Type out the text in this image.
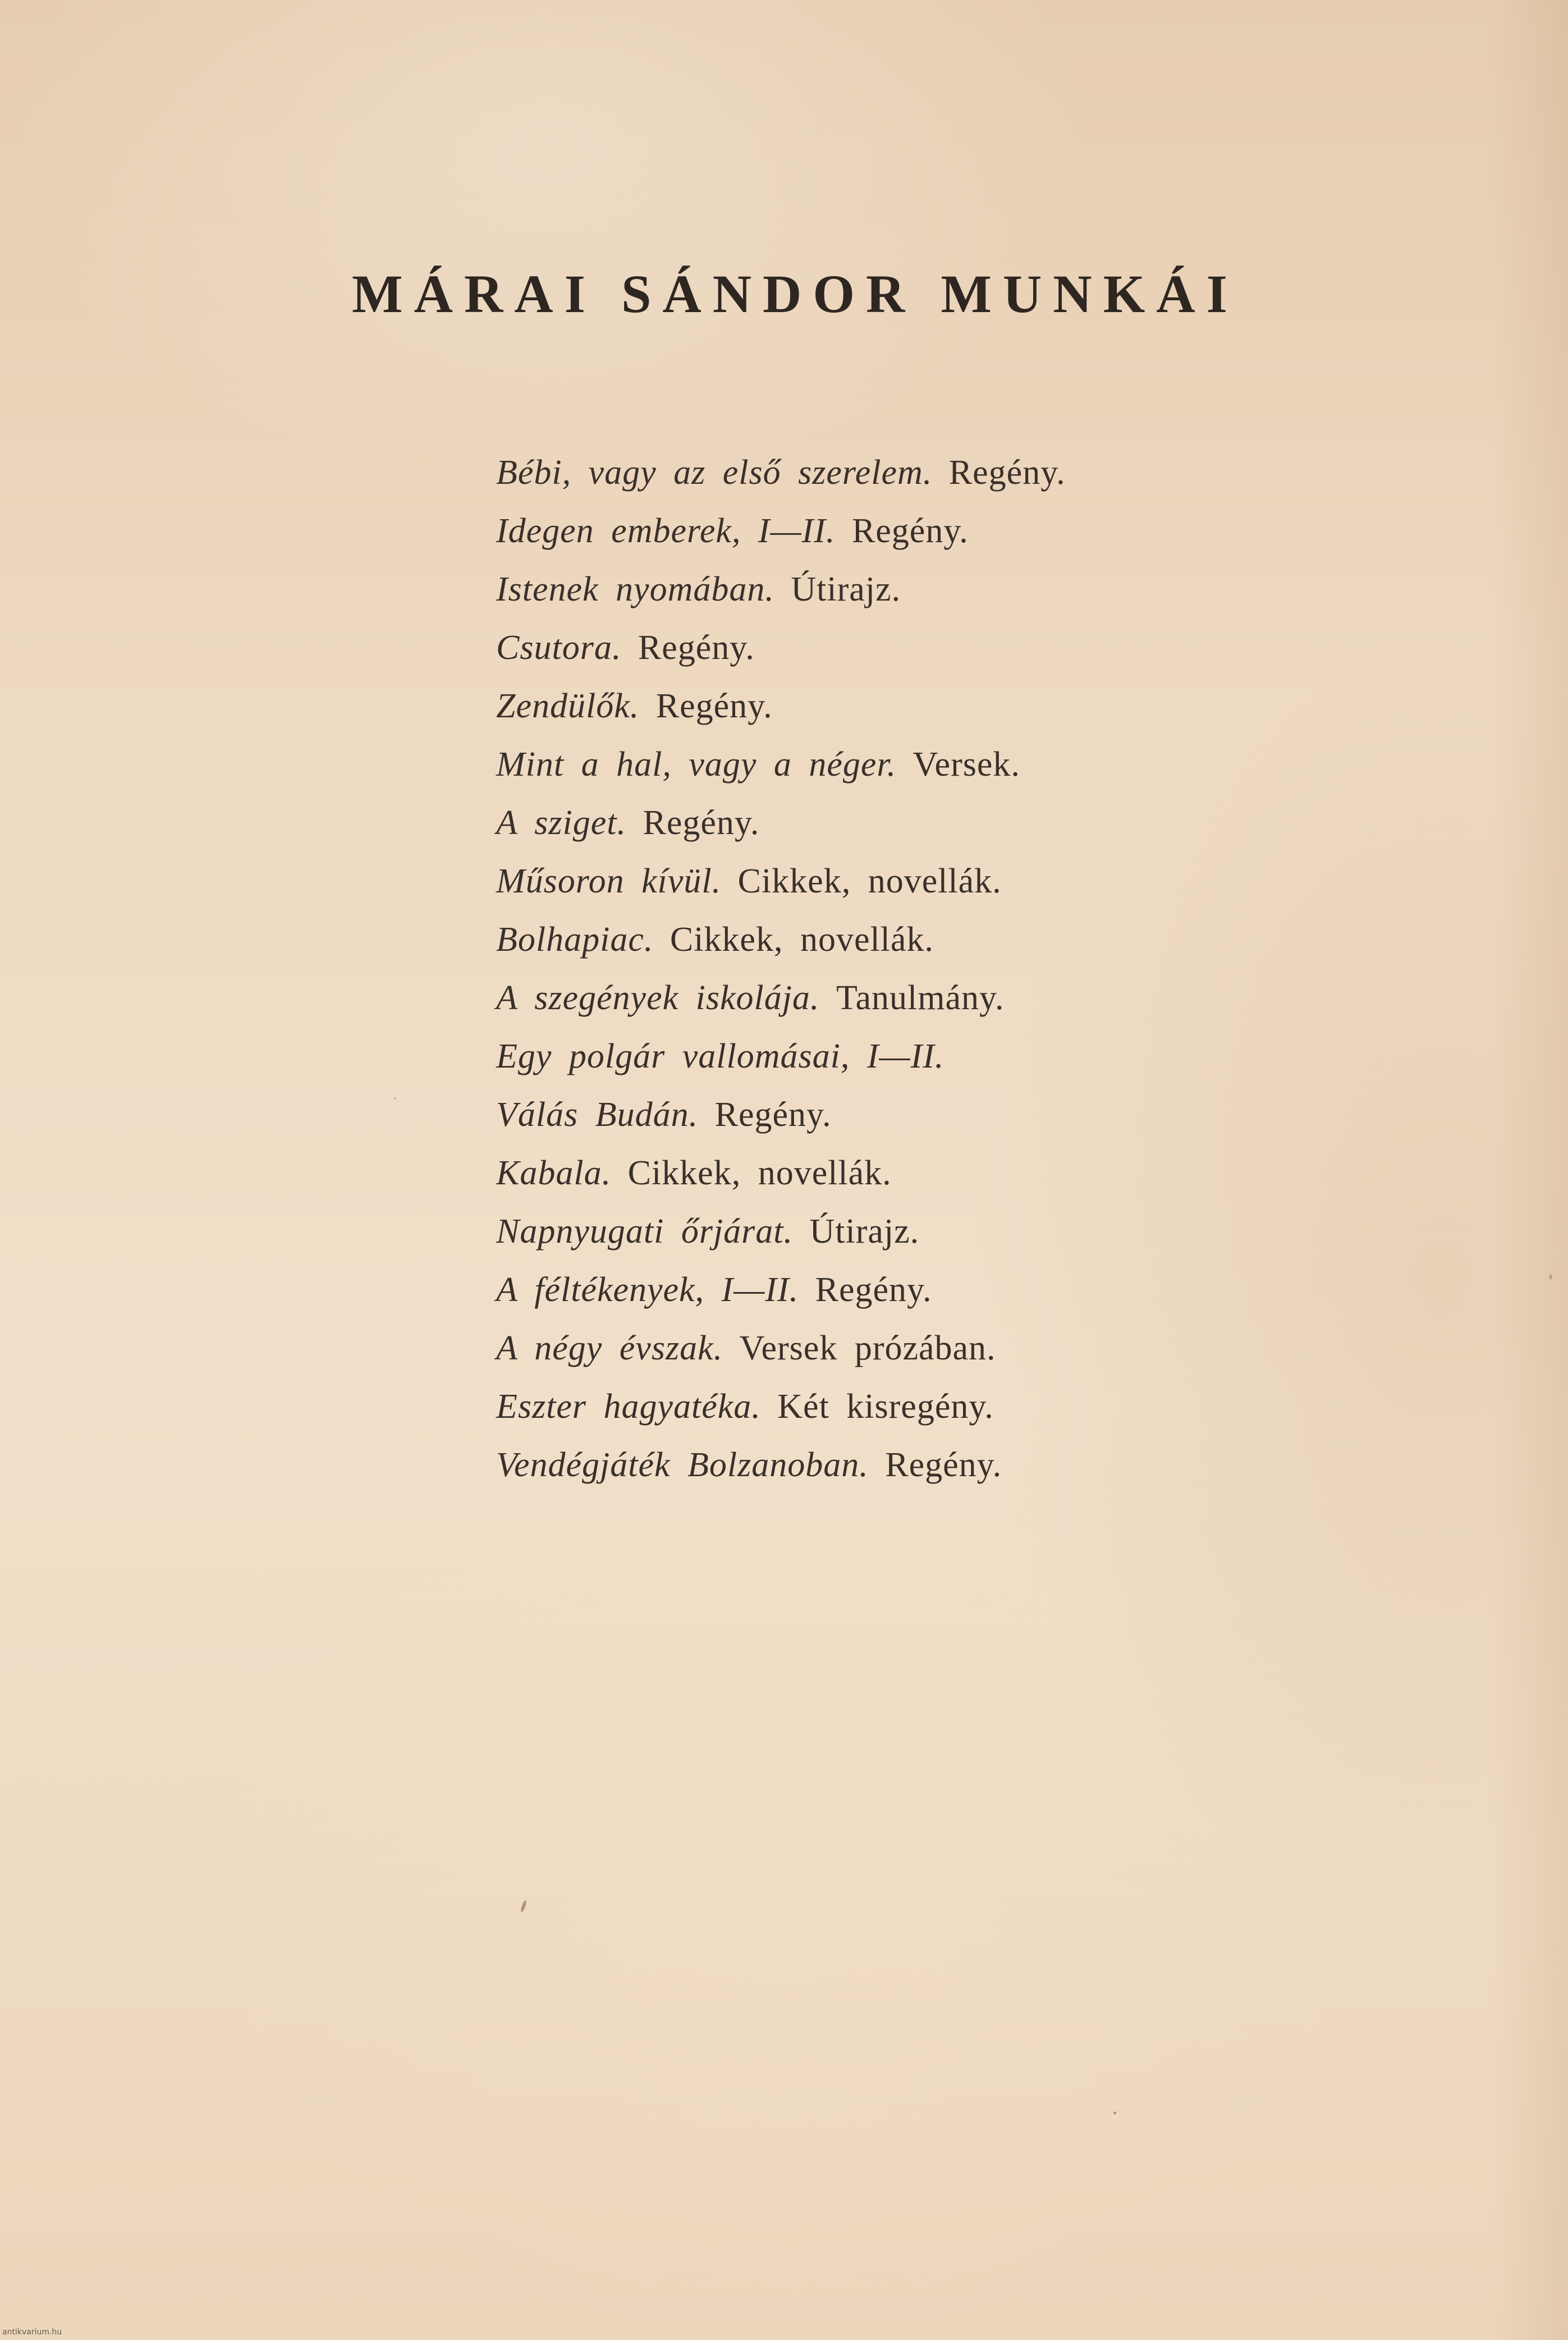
MÁRAI SÁNDOR MUNKÁI
Bébi, vagy az első szerelem. Regény.
Idegen emberek, I—II. Regény.
Istenek nyomában. Útirajz.
Csutora. Regény.
Zendülők. Regény.
Mint a hal, vagy a néger. Versek.
A sziget. Regény.
Műsoron kívül. Cikkek, novellák.
Bolhapiac. Cikkek, novellák.
A szegények iskolája. Tanulmány.
Egy polgár vallomásai, I—II.
Válás Budán. Regény.
Kabala. Cikkek, novellák.
Napnyugati őrjárat. Útirajz.
A féltékenyek, I—II. Regény.
A négy évszak. Versek prózában.
Eszter hagyatéka. Két kisregény.
Vendégjáték Bolzanoban. Regény.
antikvarium.hu
